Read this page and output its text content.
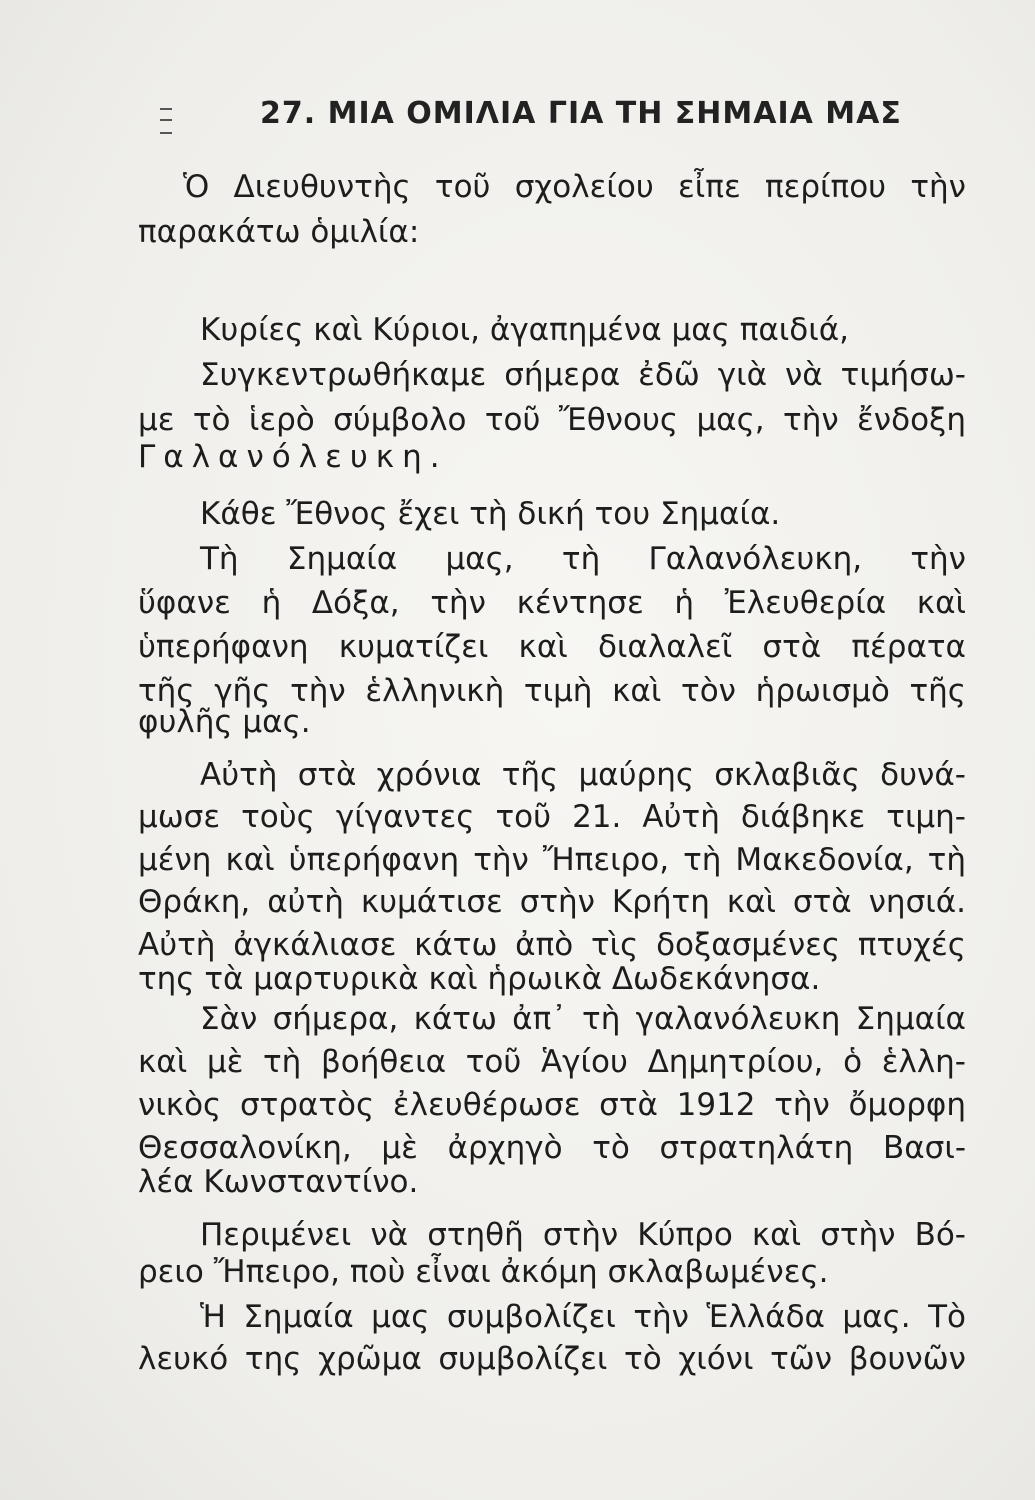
27. ΜΙΑ ΟΜΙΛΙΑ ΓΙΑ ΤΗ ΣΗΜΑΙΑ ΜΑΣ
Ὁ Διευθυντὴς τοῦ σχολείου εἶπε περίπου τὴν
παρακάτω ὁμιλία:
Κυρίες καὶ Κύριοι, ἀγαπημένα μας παιδιά,
Συγκεντρωθήκαμε σήμερα ἐδῶ γιὰ νὰ τιμήσω-
με τὸ ἱερὸ σύμβολο τοῦ Ἔθνους μας, τὴν ἔνδοξη
Γαλανόλευκη.
Κάθε Ἔθνος ἔχει τὴ δική του Σημαία.
Τὴ Σημαία μας, τὴ Γαλανόλευκη, τὴν
ὕφανε ἡ Δόξα, τὴν κέντησε ἡ Ἐλευθερία καὶ
ὑπερήφανη κυματίζει καὶ διαλαλεῖ στὰ πέρατα
τῆς γῆς τὴν ἑλληνικὴ τιμὴ καὶ τὸν ἡρωισμὸ τῆς
φυλῆς μας.
Αὐτὴ στὰ χρόνια τῆς μαύρης σκλαβιᾶς δυνά-
μωσε τοὺς γίγαντες τοῦ 21. Αὐτὴ διάβηκε τιμη-
μένη καὶ ὑπερήφανη τὴν Ἤπειρο, τὴ Μακεδονία, τὴ
Θράκη, αὐτὴ κυμάτισε στὴν Κρήτη καὶ στὰ νησιά.
Αὐτὴ ἀγκάλιασε κάτω ἀπὸ τὶς δοξασμένες πτυχές
της τὰ μαρτυρικὰ καὶ ἡρωικὰ Δωδεκάνησα.
Σὰν σήμερα, κάτω ἀπ᾿ τὴ γαλανόλευκη Σημαία
καὶ μὲ τὴ βοήθεια τοῦ Ἁγίου Δημητρίου, ὁ ἑλλη-
νικὸς στρατὸς ἐλευθέρωσε στὰ 1912 τὴν ὄμορφη
Θεσσαλονίκη, μὲ ἀρχηγὸ τὸ στρατηλάτη Βασι-
λέα Κωνσταντίνο.
Περιμένει νὰ στηθῆ στὴν Κύπρο καὶ στὴν Βό-
ρειο Ἤπειρο, ποὺ εἶναι ἀκόμη σκλαβωμένες.
Ἡ Σημαία μας συμβολίζει τὴν Ἑλλάδα μας. Τὸ
λευκό της χρῶμα συμβολίζει τὸ χιόνι τῶν βουνῶν
